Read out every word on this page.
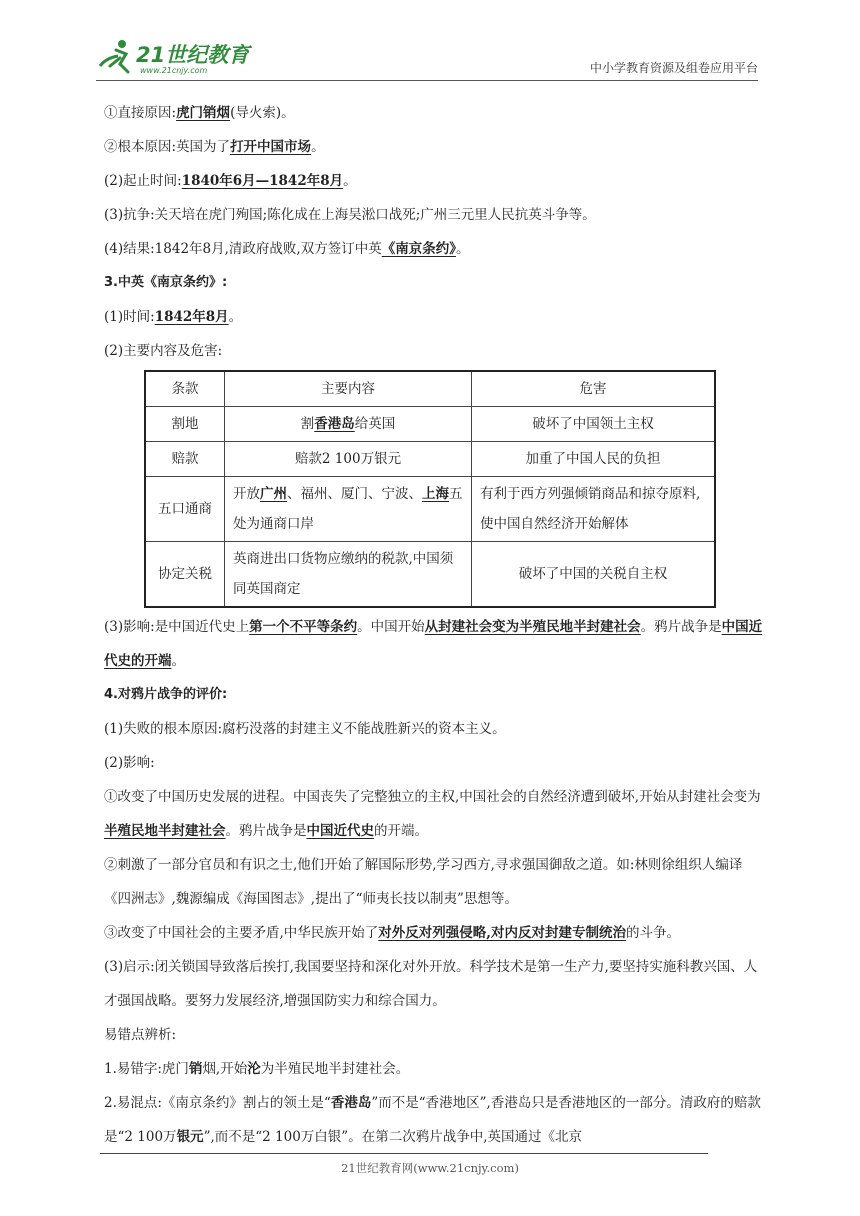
21世纪教育
www.21cnjy.com	中小学教育资源及组卷应用平台

①直接原因:虎门销烟(导火索)。

②根本原因:英国为了打开中国市场。

(2)起止时间:1840年6月—1842年8月。

(3)抗争:关天培在虎门殉国;陈化成在上海吴淞口战死;广州三元里人民抗英斗争等。

(4)结果:1842年8月,清政府战败,双方签订中英《南京条约》。

3.中英《南京条约》:

(1)时间:1842年8月。

(2)主要内容及危害:

条款	主要内容	危害
割地	割香港岛给英国	破坏了中国领土主权
赔款	赔款2 100万银元	加重了中国人民的负担
五口通商	开放广州、福州、厦门、宁波、上海五处为通商口岸	有利于西方列强倾销商品和掠夺原料,使中国自然经济开始解体
协定关税	英商进出口货物应缴纳的税款,中国须同英国商定	破坏了中国的关税自主权

(3)影响:是中国近代史上第一个不平等条约。中国开始从封建社会变为半殖民地半封建社会。鸦片战争是中国近代史的开端。

4.对鸦片战争的评价:

(1)失败的根本原因:腐朽没落的封建主义不能战胜新兴的资本主义。

(2)影响:

①改变了中国历史发展的进程。中国丧失了完整独立的主权,中国社会的自然经济遭到破坏,开始从封建社会变为半殖民地半封建社会。鸦片战争是中国近代史的开端。

②刺激了一部分官员和有识之士,他们开始了解国际形势,学习西方,寻求强国御敌之道。如:林则徐组织人编译《四洲志》,魏源编成《海国图志》,提出了“师夷长技以制夷”思想等。

③改变了中国社会的主要矛盾,中华民族开始了对外反对列强侵略,对内反对封建专制统治的斗争。

(3)启示:闭关锁国导致落后挨打,我国要坚持和深化对外开放。科学技术是第一生产力,要坚持实施科教兴国、人才强国战略。要努力发展经济,增强国防实力和综合国力。

易错点辨析:

1.易错字:虎门销烟,开始沦为半殖民地半封建社会。

2.易混点:《南京条约》割占的领土是“香港岛”而不是“香港地区”,香港岛只是香港地区的一部分。清政府的赔款是“2 100万银元”,而不是“2 100万白银”。在第二次鸦片战争中,英国通过《北京

21世纪教育网(www.21cnjy.com)
